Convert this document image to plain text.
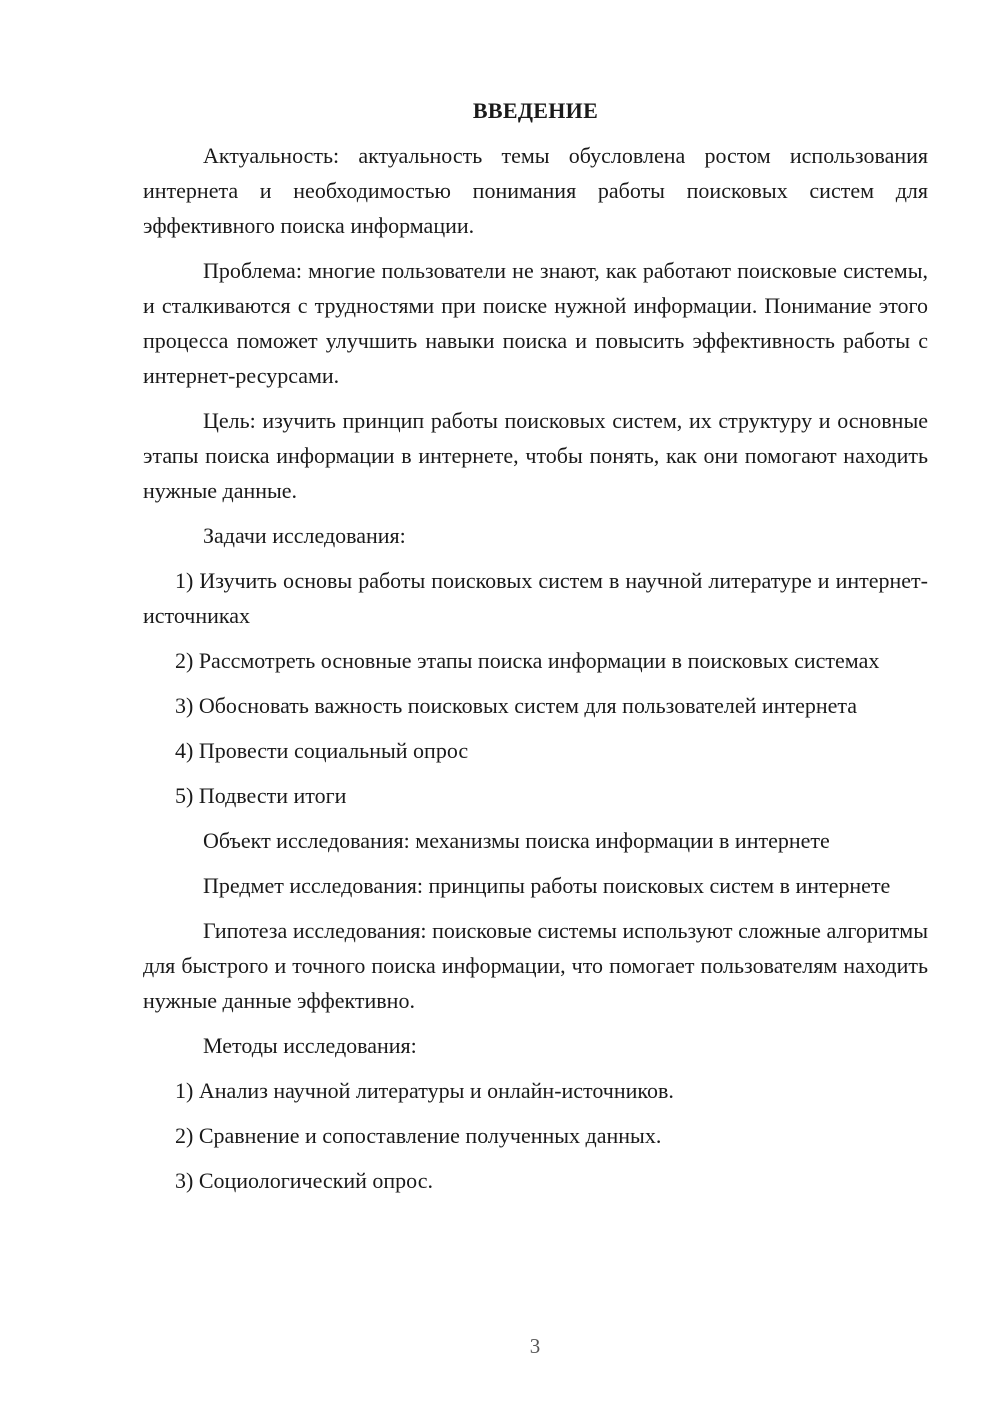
ВВЕДЕНИЕ

Актуальность: актуальность темы обусловлена ростом использования интернета и необходимостью понимания работы поисковых систем для эффективного поиска информации.

Проблема: многие пользователи не знают, как работают поисковые системы, и сталкиваются с трудностями при поиске нужной информации. Понимание этого процесса поможет улучшить навыки поиска и повысить эффективность работы с интернет-ресурсами.

Цель: изучить принцип работы поисковых систем, их структуру и основные этапы поиска информации в интернете, чтобы понять, как они помогают находить нужные данные.

Задачи исследования:

1) Изучить основы работы поисковых систем в научной литературе и интернет-источниках

2) Рассмотреть основные этапы поиска информации в поисковых системах

3) Обосновать важность поисковых систем для пользователей интернета

4) Провести социальный опрос

5) Подвести итоги

Объект исследования: механизмы поиска информации в интернете

Предмет исследования: принципы работы поисковых систем в интернете

Гипотеза исследования: поисковые системы используют сложные алгоритмы для быстрого и точного поиска информации, что помогает пользователям находить нужные данные эффективно.

Методы исследования:

1) Анализ научной литературы и онлайн-источников.

2) Сравнение и сопоставление полученных данных.

3) Социологический опрос.

3
